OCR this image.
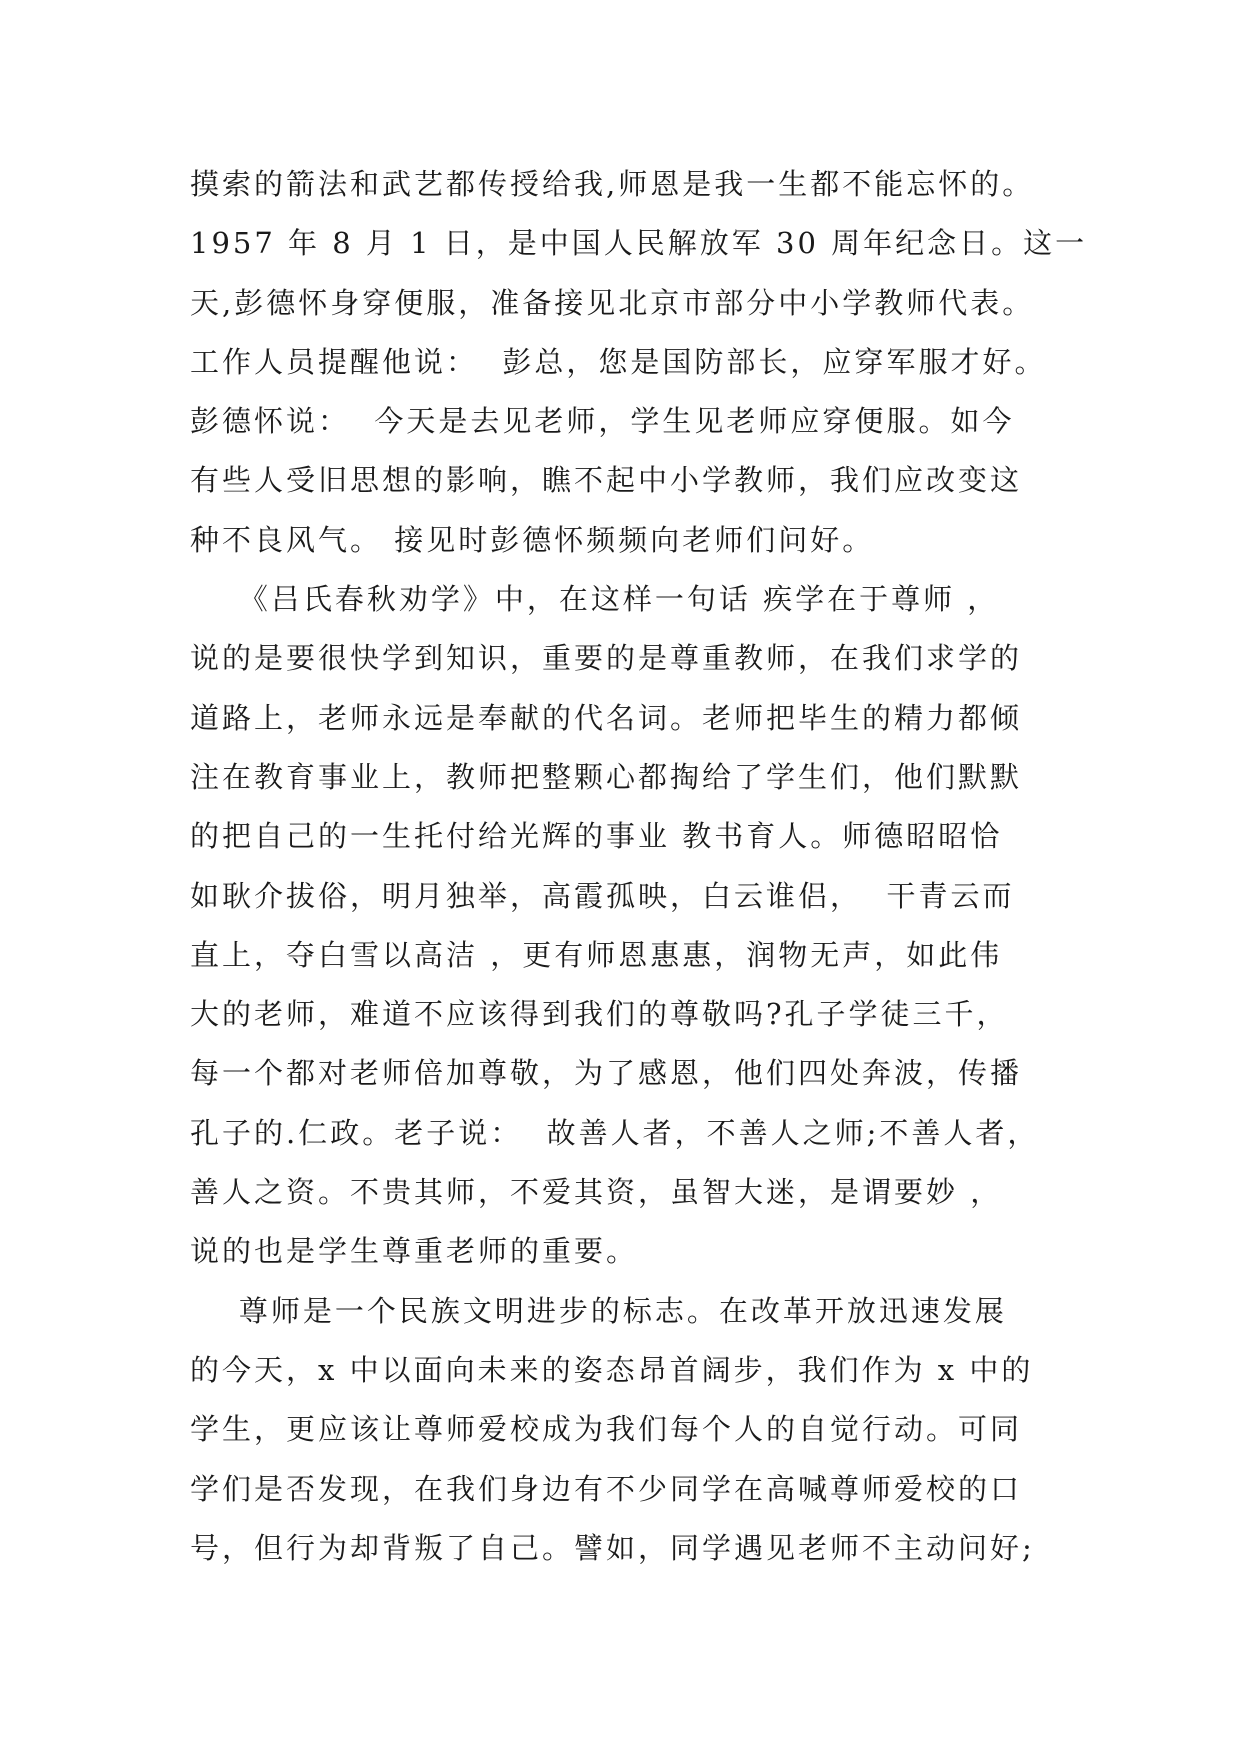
摸索的箭法和武艺都传授给我,师恩是我一生都不能忘怀的。
1957 年 8 月 1 日，是中国人民解放军 30 周年纪念日。这一
天,彭德怀身穿便服，准备接见北京市部分中小学教师代表。
工作人员提醒他说：  彭总，您是国防部长，应穿军服才好。
彭德怀说：  今天是去见老师，学生见老师应穿便服。如今
有些人受旧思想的影响，瞧不起中小学教师，我们应改变这
种不良风气。 接见时彭德怀频频向老师们问好。
《吕氏春秋劝学》中，在这样一句话 疾学在于尊师 ，
说的是要很快学到知识，重要的是尊重教师，在我们求学的
道路上，老师永远是奉献的代名词。老师把毕生的精力都倾
注在教育事业上，教师把整颗心都掏给了学生们，他们默默
的把自己的一生托付给光辉的事业 教书育人。师德昭昭恰
如耿介拔俗，明月独举，高霞孤映，白云谁侣，  干青云而
直上，夺白雪以高洁 ，更有师恩惠惠，润物无声，如此伟
大的老师，难道不应该得到我们的尊敬吗?孔子学徒三千，
每一个都对老师倍加尊敬，为了感恩，他们四处奔波，传播
孔子的.仁政。老子说：  故善人者，不善人之师;不善人者，
善人之资。不贵其师，不爱其资，虽智大迷，是谓要妙 ，
说的也是学生尊重老师的重要。
尊师是一个民族文明进步的标志。在改革开放迅速发展
的今天，x 中以面向未来的姿态昂首阔步，我们作为 x 中的
学生，更应该让尊师爱校成为我们每个人的自觉行动。可同
学们是否发现，在我们身边有不少同学在高喊尊师爱校的口
号，但行为却背叛了自己。譬如，同学遇见老师不主动问好;
